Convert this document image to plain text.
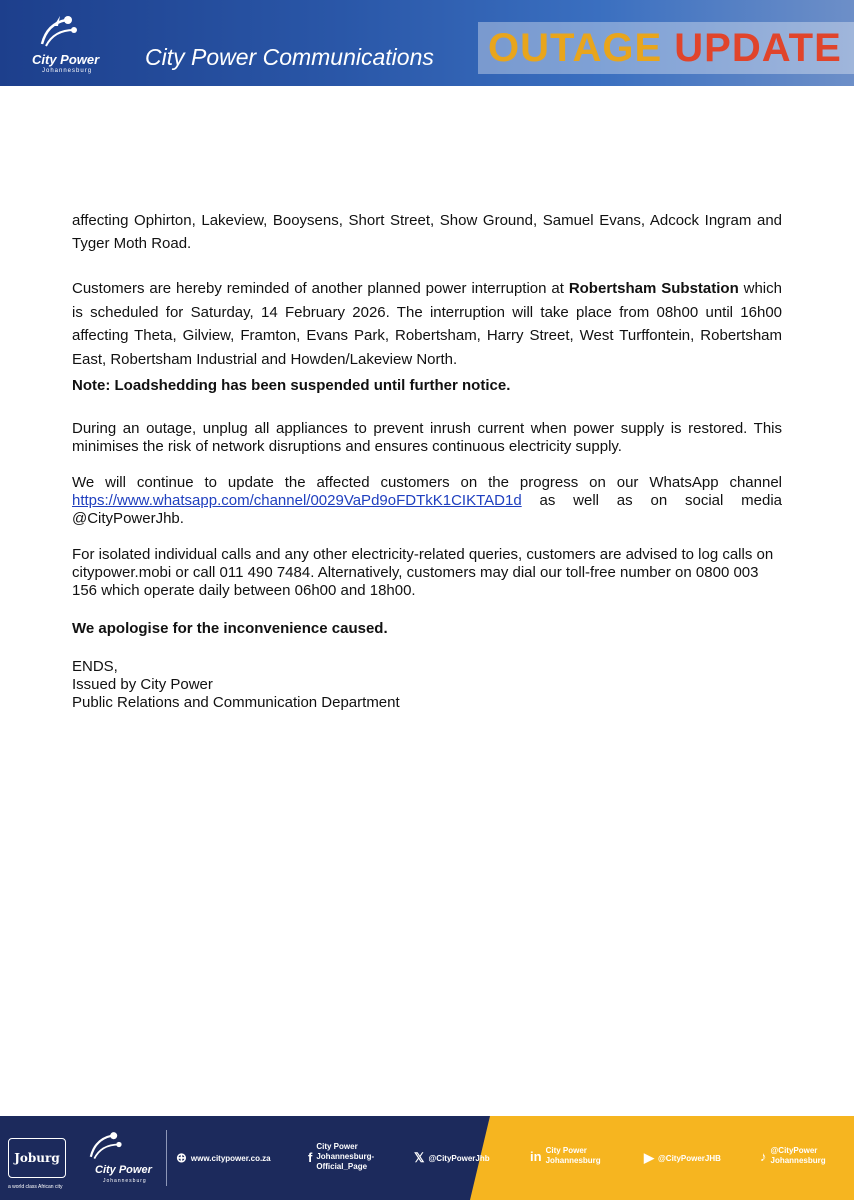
City Power
Johannesburg
City Power Communications OUTAGE UPDATE

affecting Ophirton, Lakeview, Booysens, Short Street, Show Ground, Samuel Evans, Adcock Ingram and Tyger Moth Road.

Customers are hereby reminded of another planned power interruption at Robertsham Substation which is scheduled for Saturday, 14 February 2026. The interruption will take place from 08h00 until 16h00 affecting Theta, Gilview, Framton, Evans Park, Robertsham, Harry Street, West Turffontein, Robertsham East, Robertsham Industrial and Howden/Lakeview North.

Note: Loadshedding has been suspended until further notice.

During an outage, unplug all appliances to prevent inrush current when power supply is restored. This minimises the risk of network disruptions and ensures continuous electricity supply.

We will continue to update the affected customers on the progress on our WhatsApp channel https://www.whatsapp.com/channel/0029VaPd9oFDTkK1CIKTAD1d as well as on social media @CityPowerJhb.

For isolated individual calls and any other electricity-related queries, customers are advised to log calls on citypower.mobi or call 011 490 7484. Alternatively, customers may dial our toll-free number on 0800 003 156 which operate daily between 06h00 and 18h00.

We apologise for the inconvenience caused.

ENDS,

Issued by City Power

Public Relations and Communication Department

Joburg
a world class African city
City Power
Johannesburg
⊕ www.citypower.co.za	f
City Power
Johannesburg-
Official_Page
𝕏 @CityPowerJhb	in City Power
Johannesburg	▶ @CityPowerJHB	♪ @CityPower
Johannesburg
